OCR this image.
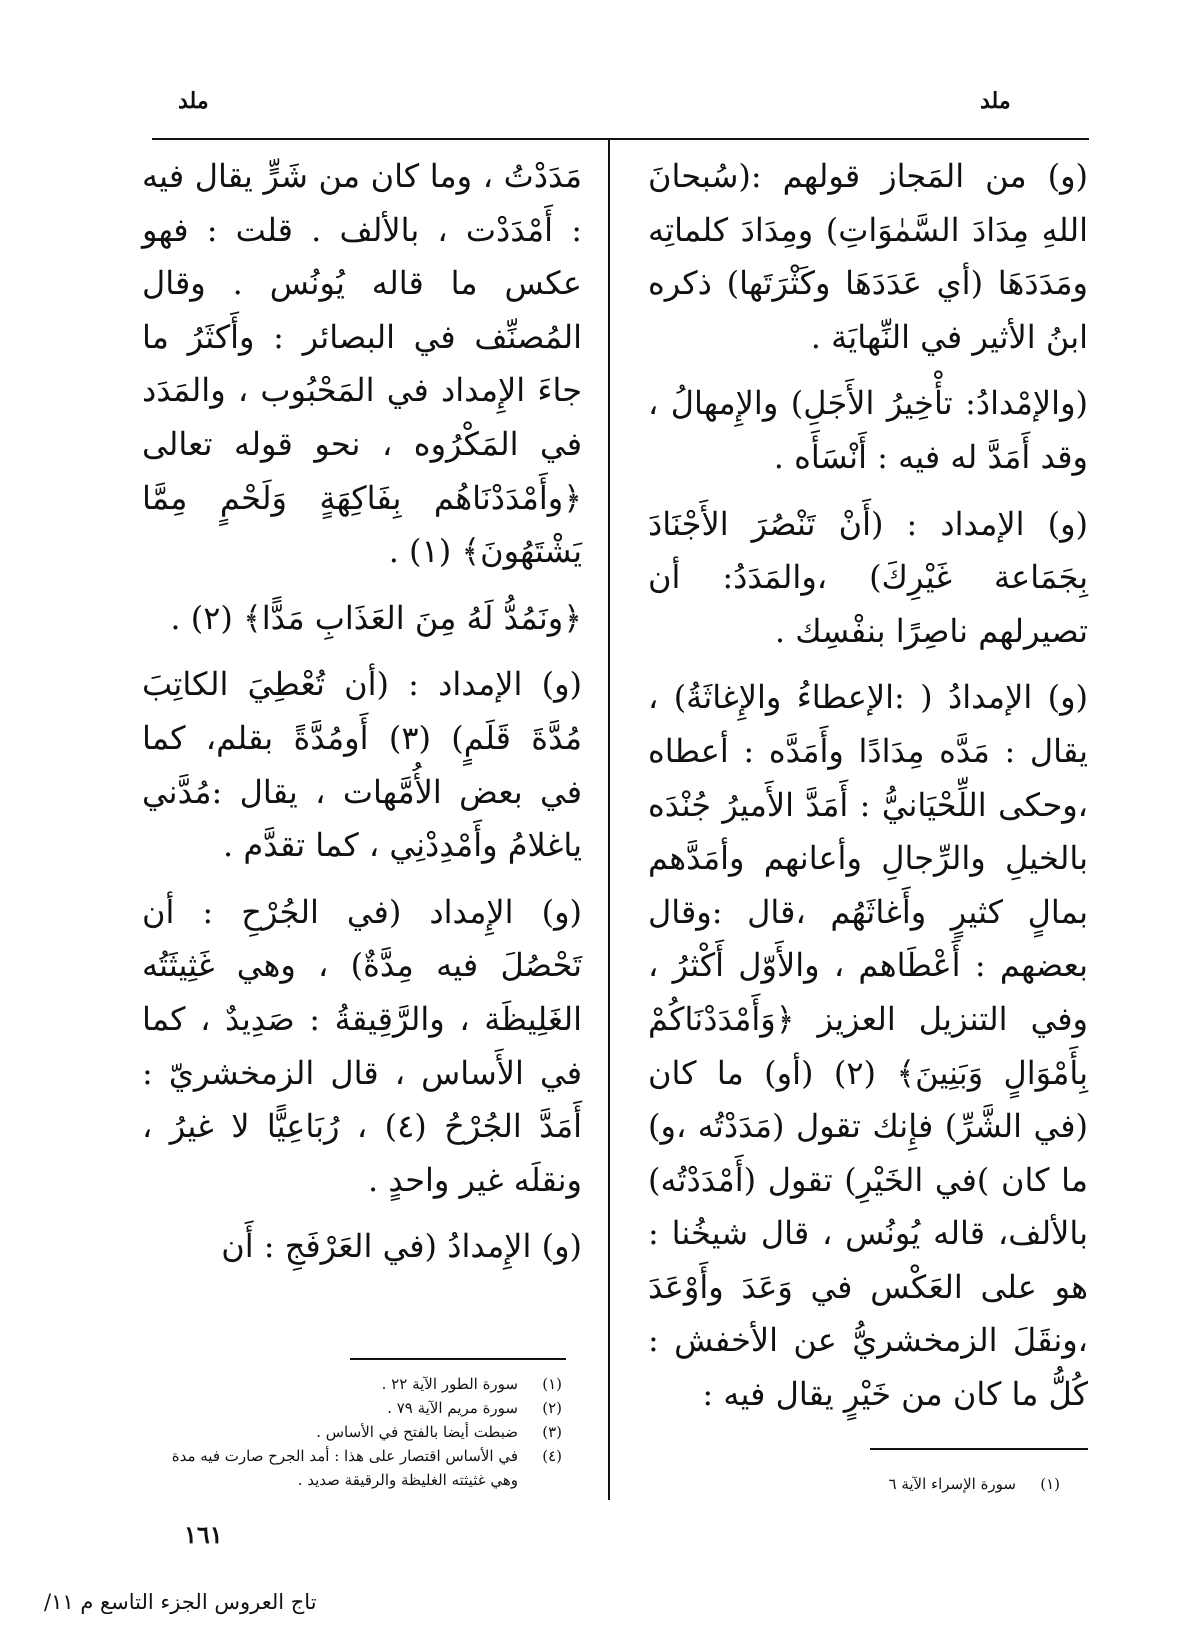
ملد
ملد

(و) من المَجاز قولهم :(سُبحانَ اللهِ مِدَادَ السَّمٰوَاتِ) ومِدَادَ كلماتِه ومَدَدَهَا (أي عَدَدَهَا وكَثْرَتَها) ذكره ابنُ الأثير في النِّهايَة .

(والإمْدادُ: تأْخِيرُ الأَجَلِ) والإِمهالُ ، وقد أَمَدَّ له فيه : أَنْسَأَه .

(و) الإمداد : (أَنْ تَنْصُرَ الأَجْنَادَ بِجَمَاعة غَيْرِكَ) ،والمَدَدُ: أن تصيرلهم ناصِرًا بنفْسِك .

(و) الإمدادُ ( :الإعطاءُ والإِغاثَةُ) ، يقال : مَدَّه مِدَادًا وأَمَدَّه : أعطاه ،وحكى اللِّحْيَانيُّ : أَمَدَّ الأَميرُ جُنْدَه بالخيلِ والرِّجالِ وأعانهم وأمَدَّهم بمالٍ كثيرٍ وأَغاثَهُم ،قال :وقال بعضهم : أَعْطَاهم ، والأَوّل أَكْثرُ ، وفي التنزيل العزيز ﴿وَأَمْدَدْنَاكُمْ بِأَمْوَالٍ وَبَنِينَ﴾ (٢) (أو) ما كان (في الشَّرِّ) فإِنك تقول (مَدَدْتُه ،و) ما كان )في الخَيْرِ) تقول (أَمْدَدْتُه) بالألف، قاله يُونُس ، قال شيخُنا : هو على العَكْس في وَعَدَ وأَوْعَدَ ،ونقَلَ الزمخشريُّ عن الأخفش : كُلُّ ما كان من خَيْرٍ يقال فيه :

مَدَدْتُ ، وما كان من شَرٍّ يقال فيه : أَمْدَدْت ، بالألف . قلت : فهو عكس ما قاله يُونُس . وقال المُصنِّف في البصائر : وأَكثَرُ ما جاءَ الإِمداد في المَحْبُوب ، والمَدَد في المَكْرُوه ، نحو قوله تعالى ﴿وأَمْدَدْنَاهُم بِفَاكِهَةٍ وَلَحْمٍ مِمَّا يَشْتَهُونَ﴾ (١) .

﴿ونَمُدُّ لَهُ مِنَ العَذَابِ مَدًّا﴾ (٢) .

(و) الإمداد : (أن تُعْطِيَ الكاتِبَ مُدَّةَ قَلَمٍ) (٣) أَومُدَّةً بقلم، كما في بعض الأُمَّهات ، يقال :مُدَّني ياغلامُ وأَمْدِدْنِي ، كما تقدَّم .

(و) الإِمداد (في الجُرْحِ : أن تَحْصُلَ فيه مِدَّةٌ) ، وهي غَثِيثَتُه الغَلِيظَة ، والرَّقِيقةُ : صَدِيدٌ ، كما في الأَساس ، قال الزمخشريّ : أَمَدَّ الجُرْحُ (٤) ، رُبَاعِيًّا لا غيرُ ، ونقلَه غير واحدٍ .

(و) الإِمدادُ (في العَرْفَجِ : أَن

(١)
سورة الطور الآية ٢٢ .
(٢)
سورة مريم الآية ٧٩ .
(٣)
ضبطت أيضا بالفتح في الأساس .
(٤)
في الأساس اقتصار على هذا : أمد الجرح صارت فيه مدة وهي غثيثته الغليظة والرقيقة صديد .	(١)
سورة الإسراء الآية ٦
١٦١
تاج العروس الجزء التاسع م ١١/
